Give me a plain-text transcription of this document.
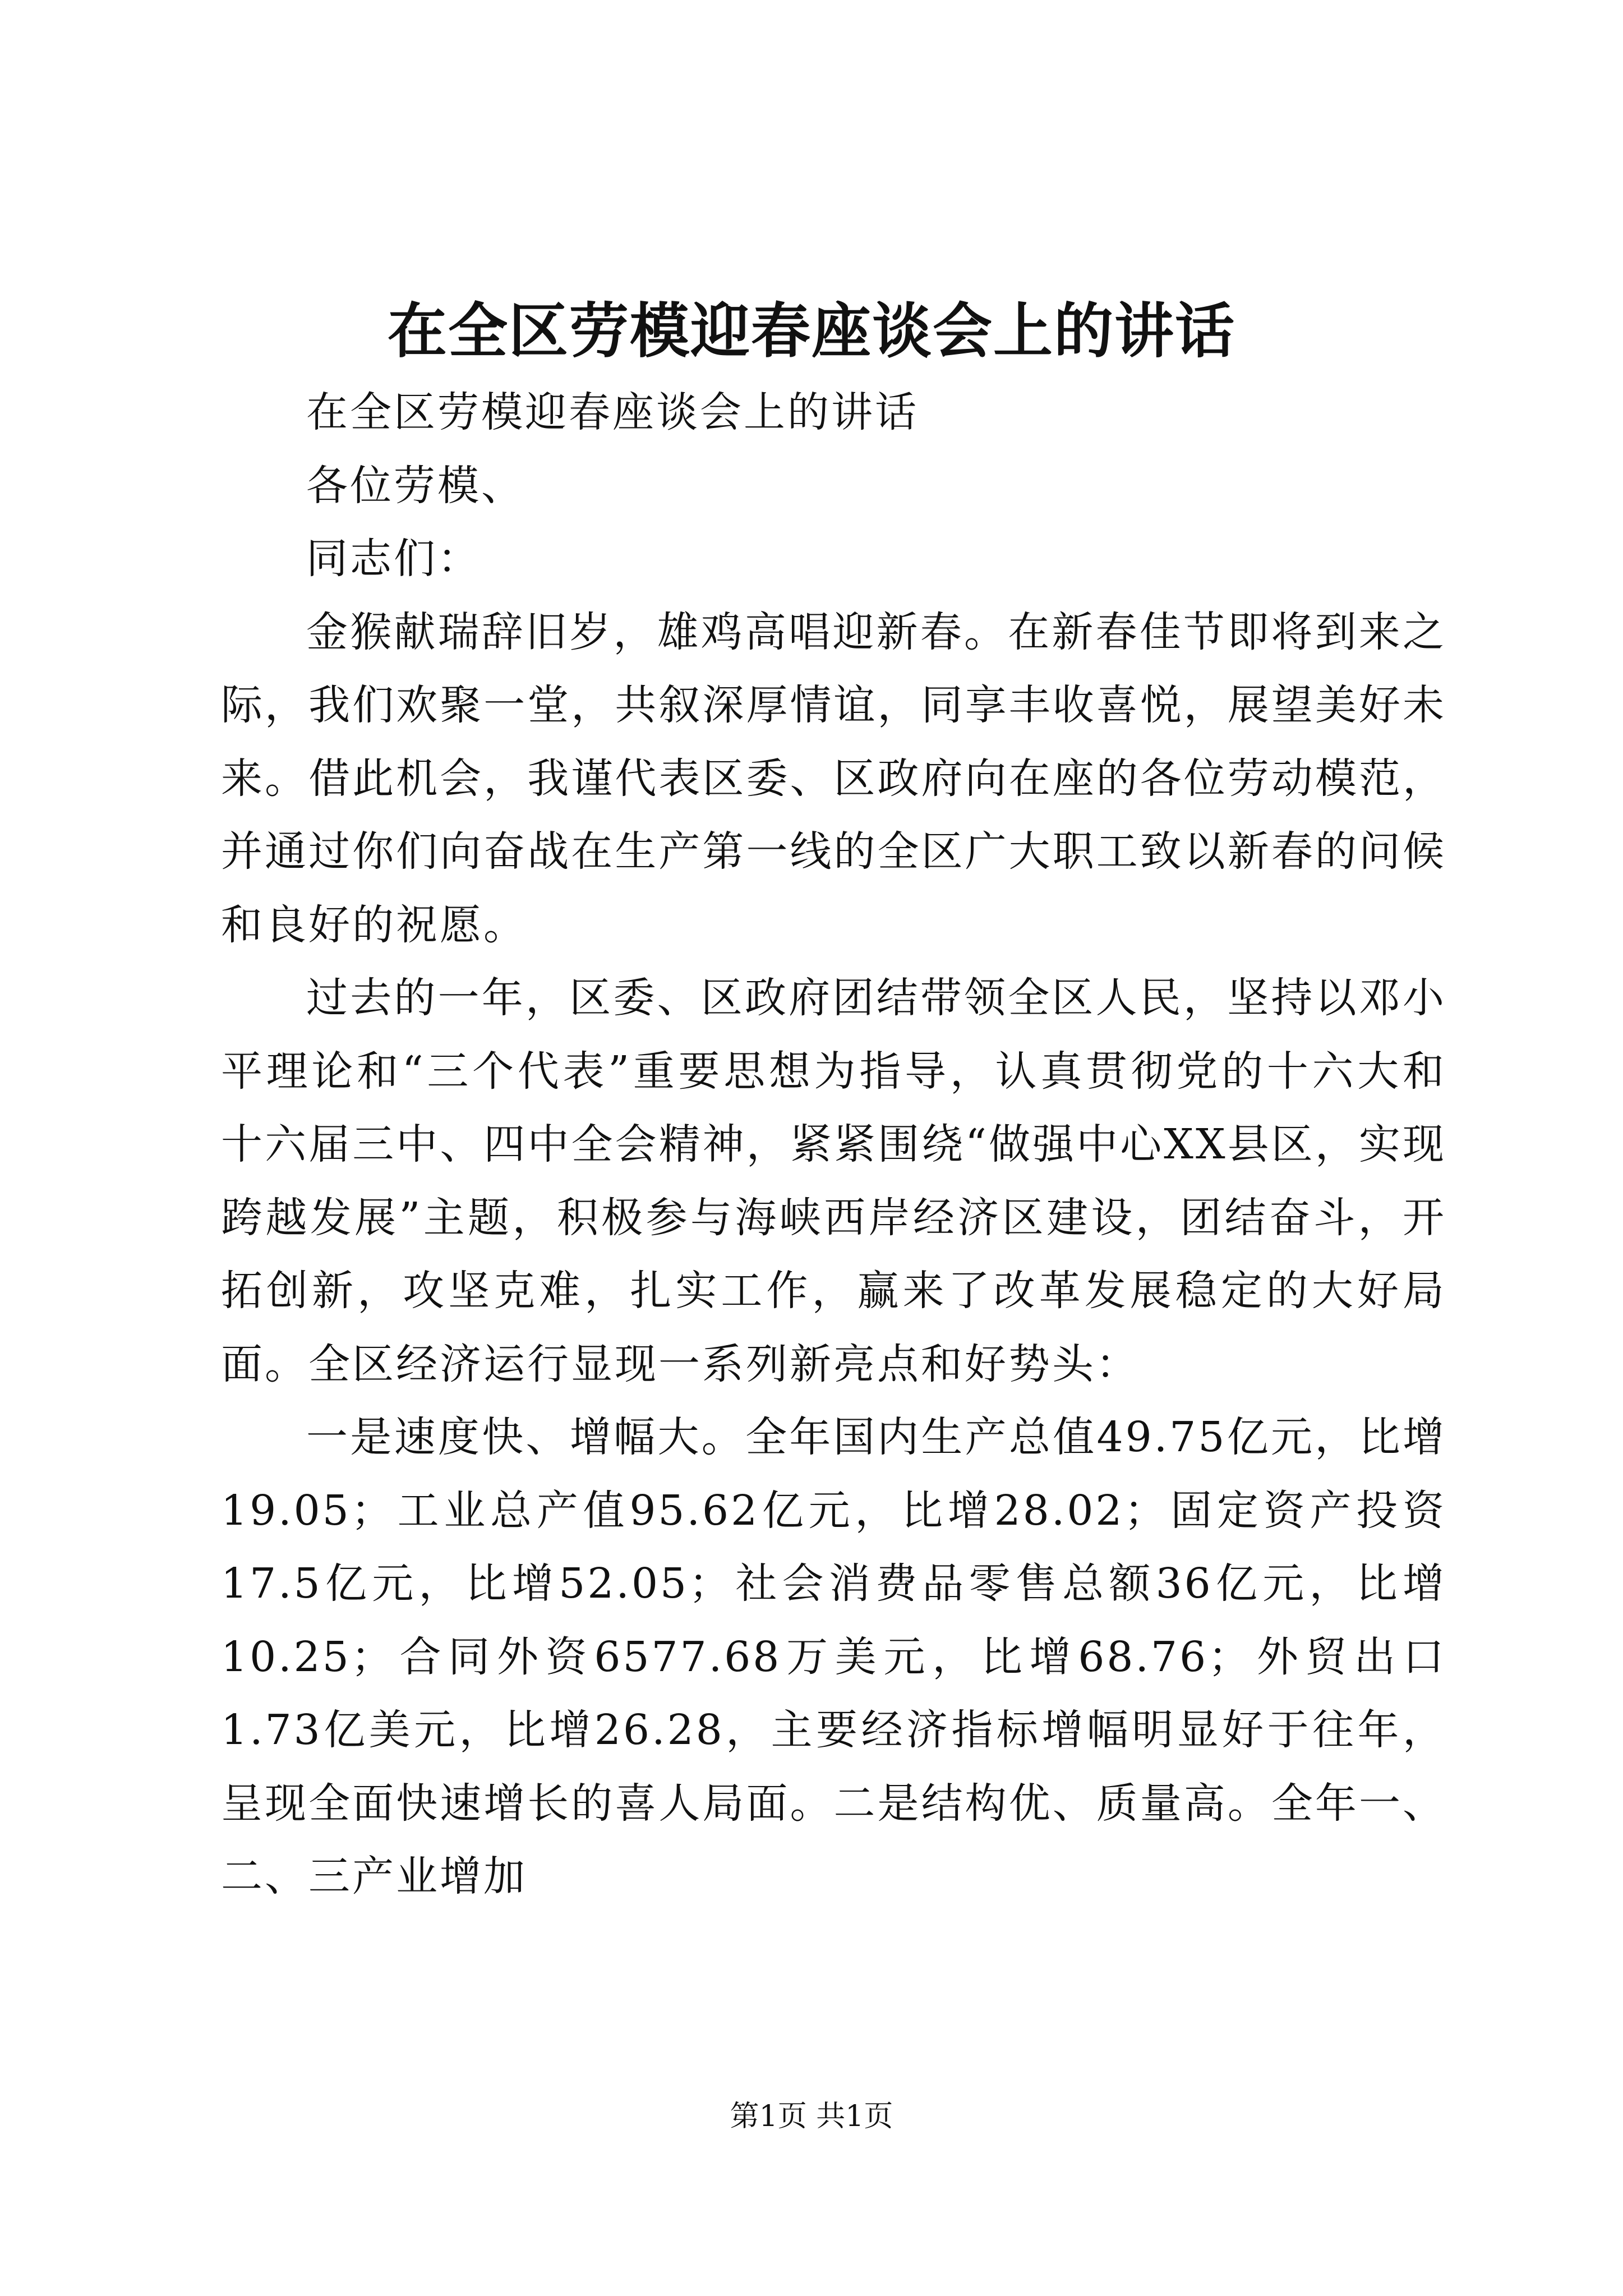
在全区劳模迎春座谈会上的讲话

在全区劳模迎春座谈会上的讲话

各位劳模、

同志们：

金猴献瑞辞旧岁，雄鸡高唱迎新春。在新春佳节即将到来之际，我们欢聚一堂，共叙深厚情谊，同享丰收喜悦，展望美好未来。借此机会，我谨代表区委、区政府向在座的各位劳动模范，并通过你们向奋战在生产第一线的全区广大职工致以新春的问候和良好的祝愿。

过去的一年，区委、区政府团结带领全区人民，坚持以邓小平理论和“三个代表”重要思想为指导，认真贯彻党的十六大和十六届三中、四中全会精神，紧紧围绕“做强中心XX县区，实现跨越发展”主题，积极参与海峡西岸经济区建设，团结奋斗，开拓创新，攻坚克难，扎实工作，赢来了改革发展稳定的大好局面。全区经济运行显现一系列新亮点和好势头：

一是速度快、增幅大。全年国内生产总值49.75亿元，比增19.05；工业总产值95.62亿元，比增28.02；固定资产投资17.5亿元，比增52.05；社会消费品零售总额36亿元，比增10.25；合同外资6577.68万美元，比增68.76；外贸出口1.73亿美元，比增26.28，主要经济指标增幅明显好于往年，呈现全面快速增长的喜人局面。二是结构优、质量高。全年一、二、三产业增加

第1页 共1页
